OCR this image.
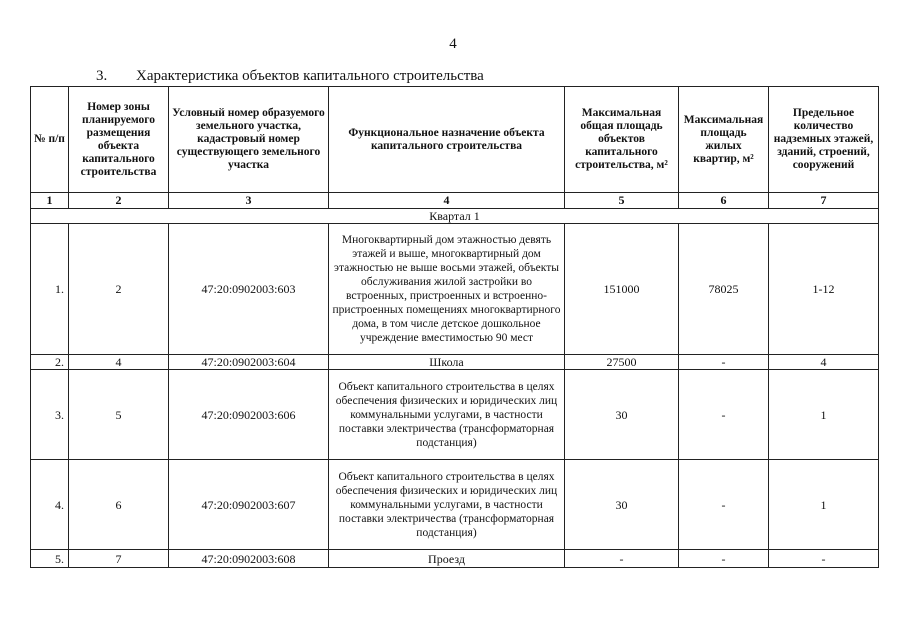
4
3. Характеристика объектов капитального строительства
№ п/п	Номер зоны планируемого размещения объекта капитального строительства	Условный номер образуемого земельного участка, кадастровый номер существующего земельного участка	Функциональное назначение объекта капитального строительства	Максимальная общая площадь объектов капитального строительства, м²	Максимальная площадь жилых квартир, м²	Предельное количество надземных этажей, зданий, строений, сооружений
1	2	3	4	5	6	7
Квартал 1						
1.	2	47:20:0902003:603	Многоквартирный дом этажностью девять этажей и выше, многоквартирный дом этажностью не выше восьми этажей, объекты обслуживания жилой застройки во встроенных, пристроенных и встроенно-пристроенных помещениях многоквартирного дома, в том числе детское дошкольное учреждение вместимостью 90 мест	151000	78025	1-12
2.	4	47:20:0902003:604	Школа	27500	-	4
3.	5	47:20:0902003:606	Объект капитального строительства в целях обеспечения физических и юридических лиц коммунальными услугами, в частности поставки электричества (трансформаторная подстанция)	30	-	1
4.	6	47:20:0902003:607	Объект капитального строительства в целях обеспечения физических и юридических лиц коммунальными услугами, в частности поставки электричества (трансформаторная подстанция)	30	-	1
5.	7	47:20:0902003:608	Проезд	-	-	-
